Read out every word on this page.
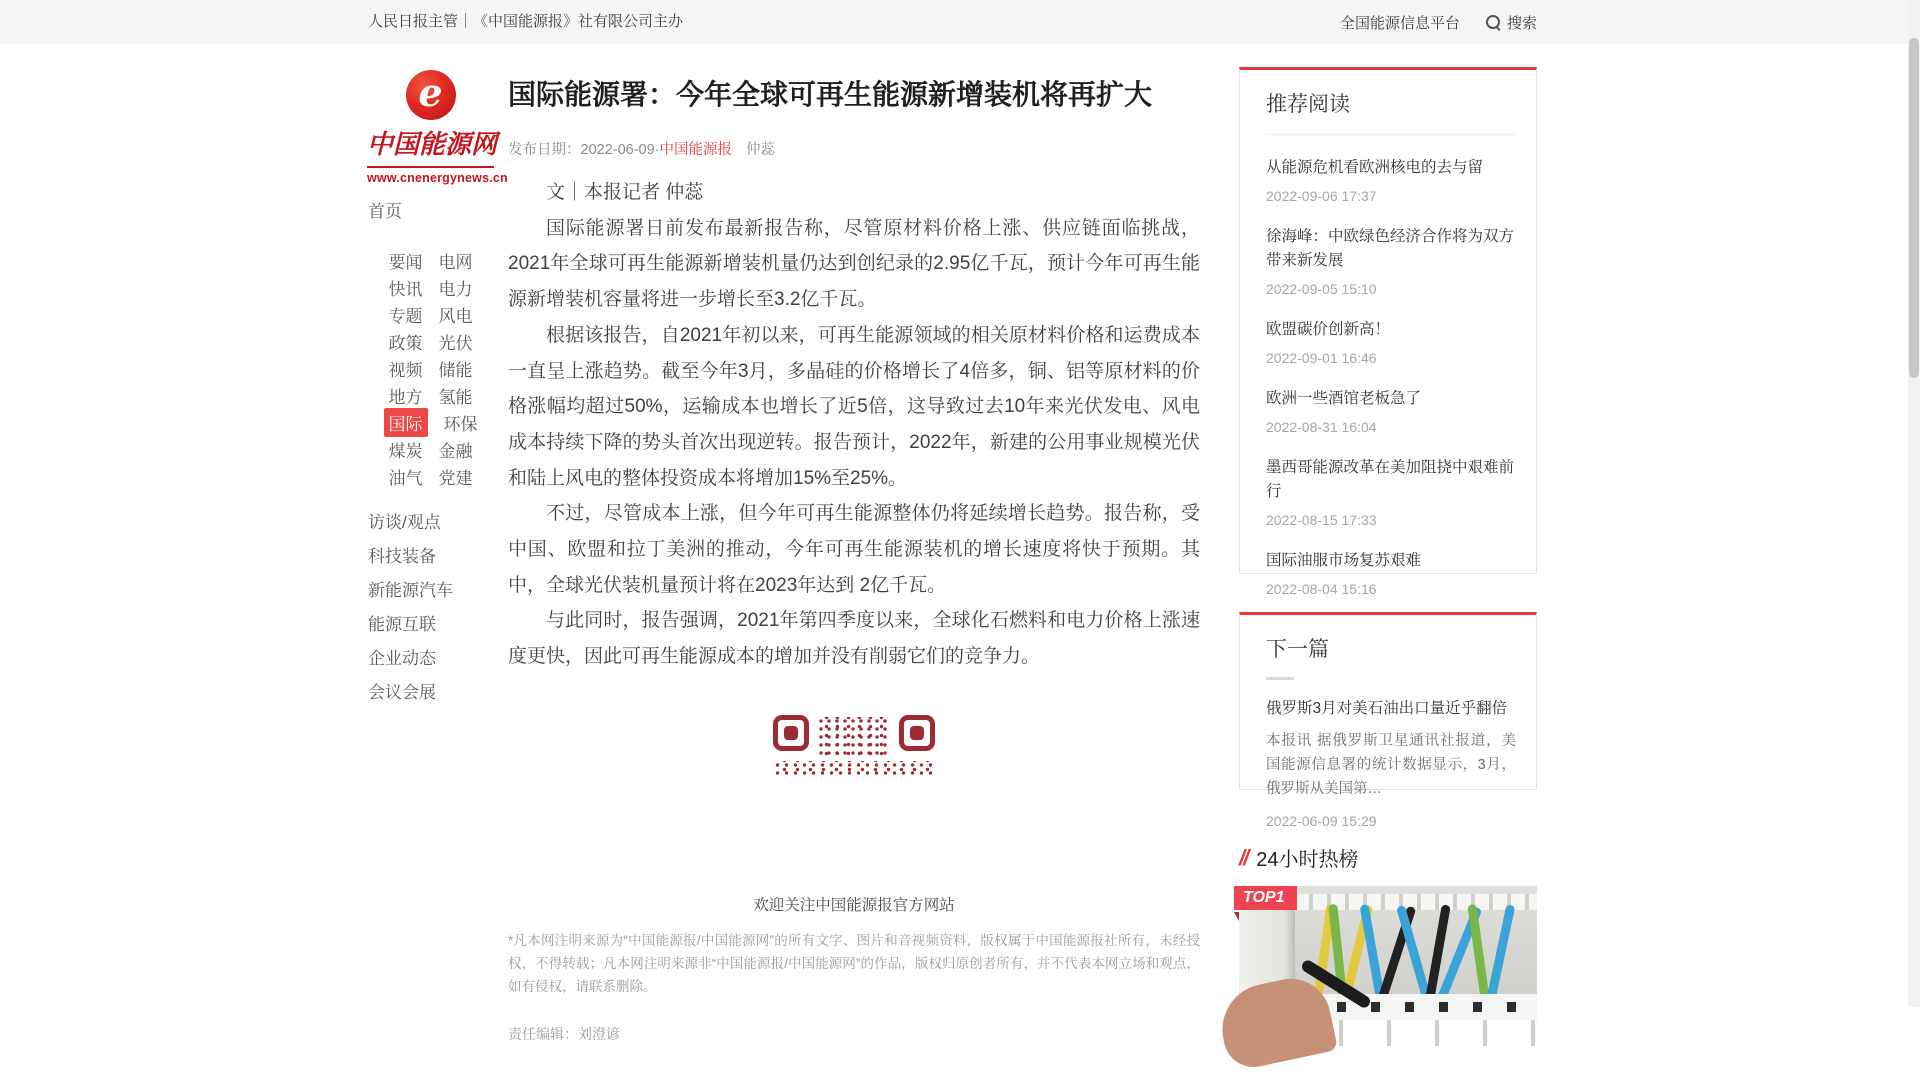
人民日报主管｜《中国能源报》社有限公司主办	全国能源信息平台	搜索
e
中国能源网
www.cnenergynews.cn
首页
要闻 电网
快讯 电力
专题 风电
政策 光伏
视频 储能
地方 氢能
国际 环保
煤炭 金融
油气 党建
访谈/观点
科技装备
新能源汽车
能源互联
企业动态
会议会展
国际能源署：今年全球可再生能源新增装机将再扩大
发布日期：2022-06-09·中国能源报 仲蕊

文｜本报记者 仲蕊

国际能源署日前发布最新报告称，尽管原材料价格上涨、供应链面临挑战，2021年全球可再生能源新增装机量仍达到创纪录的2.95亿千瓦，预计今年可再生能源新增装机容量将进一步增长至3.2亿千瓦。

根据该报告，自2021年初以来，可再生能源领域的相关原材料价格和运费成本一直呈上涨趋势。截至今年3月，多晶硅的价格增长了4倍多，铜、铝等原材料的价格涨幅均超过50%，运输成本也增长了近5倍，这导致过去10年来光伏发电、风电成本持续下降的势头首次出现逆转。报告预计，2022年，新建的公用事业规模光伏和陆上风电的整体投资成本将增加15%至25%。

不过，尽管成本上涨，但今年可再生能源整体仍将延续增长趋势。报告称，受中国、欧盟和拉丁美洲的推动，今年可再生能源装机的增长速度将快于预期。其中，全球光伏装机量预计将在2023年达到 2亿千瓦。

与此同时，报告强调，2021年第四季度以来，全球化石燃料和电力价格上涨速度更快，因此可再生能源成本的增加并没有削弱它们的竞争力。

欢迎关注中国能源报官方网站
*凡本网注明来源为“中国能源报/中国能源网”的所有文字、图片和音视频资料，版权属于中国能源报社所有，未经授权，不得转载；凡本网注明来源非“中国能源报/中国能源网”的作品，版权归原创者所有，并不代表本网立场和观点，如有侵权，请联系删除。
责任编辑：刘澄谚
推荐阅读
从能源危机看欧洲核电的去与留
2022-09-06 17:37
徐海峰：中欧绿色经济合作将为双方带来新发展
2022-09-05 15:10
欧盟碳价创新高！
2022-09-01 16:46
欧洲一些酒馆老板急了
2022-08-31 16:04
墨西哥能源改革在美加阻挠中艰难前行
2022-08-15 17:33
国际油服市场复苏艰难
2022-08-04 15:16
下一篇
俄罗斯3月对美石油出口量近乎翻倍
本报讯 据俄罗斯卫星通讯社报道，美国能源信息署的统计数据显示，3月，俄罗斯从美国第…
2022-06-09 15:29
// 24小时热榜
TOP1
